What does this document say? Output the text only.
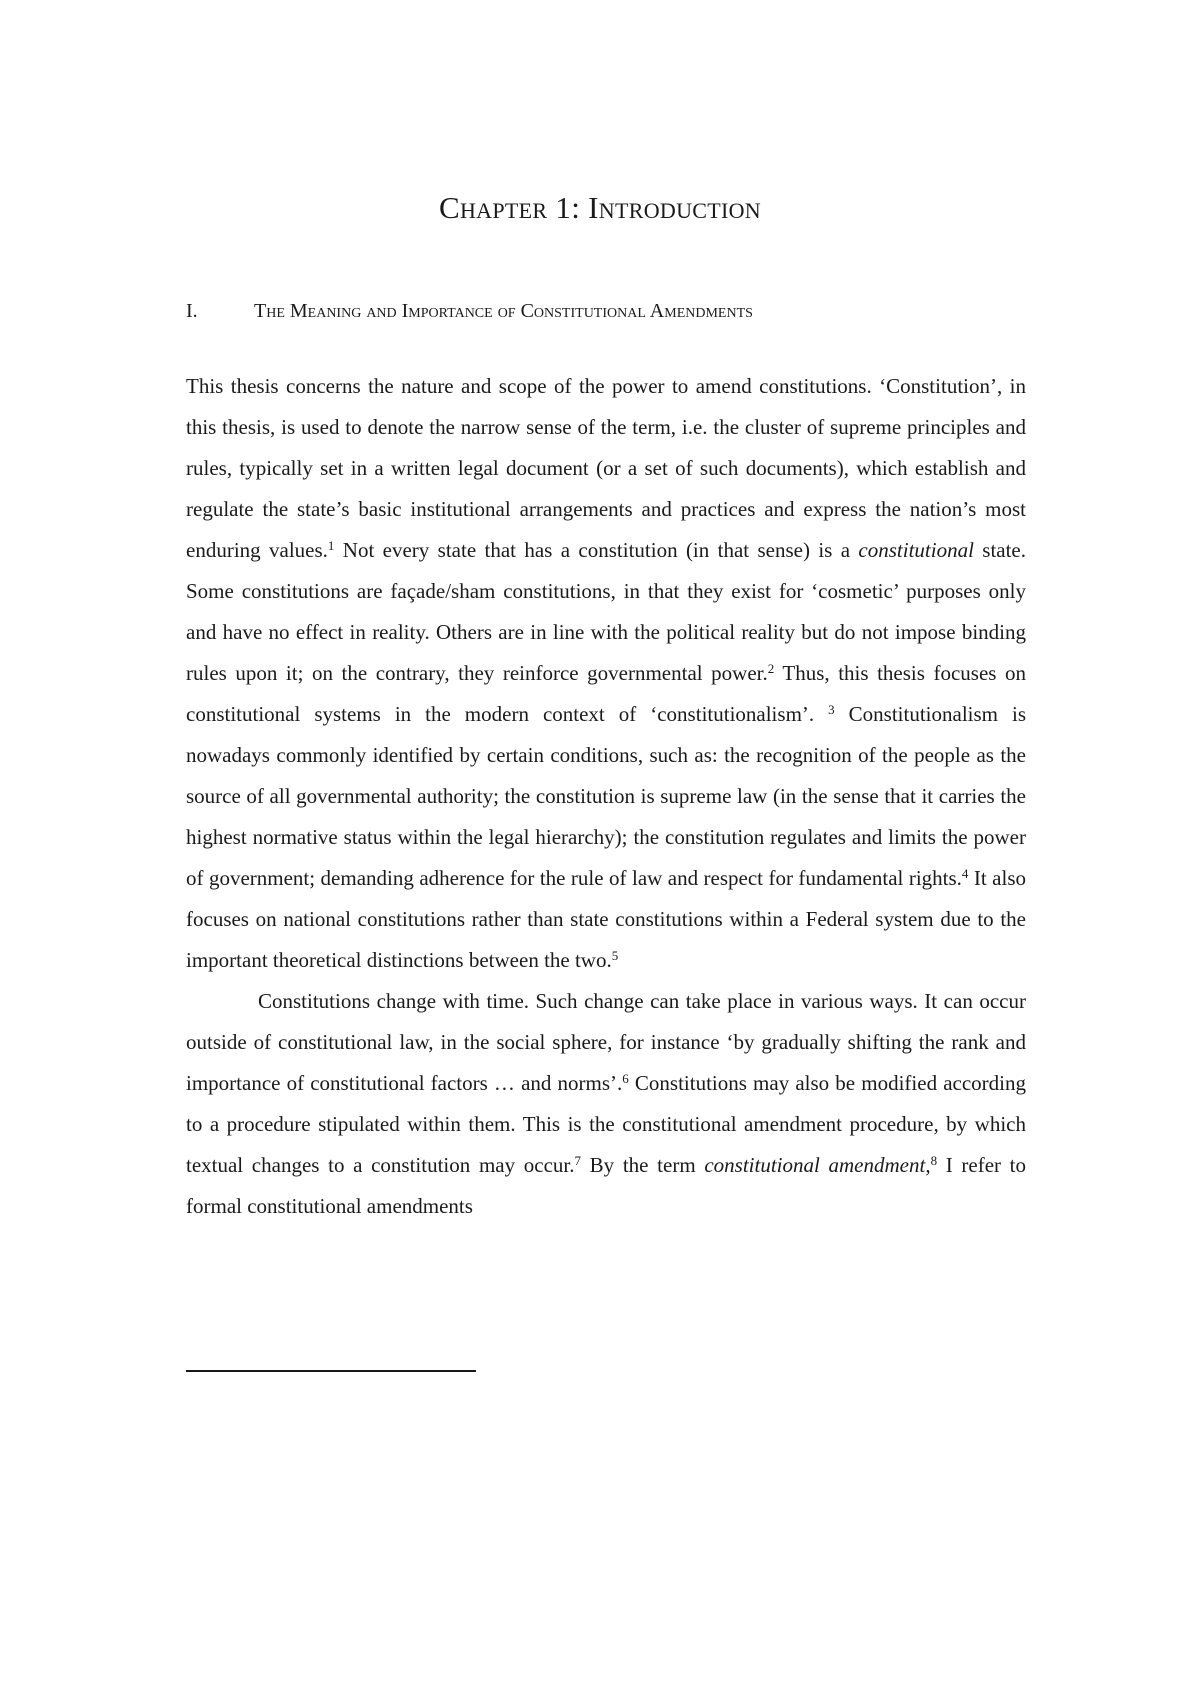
Chapter 1: Introduction
I.	The Meaning and Importance of Constitutional Amendments

This thesis concerns the nature and scope of the power to amend constitutions. ‘Constitution’, in this thesis, is used to denote the narrow sense of the term, i.e. the cluster of supreme principles and rules, typically set in a written legal document (or a set of such documents), which establish and regulate the state’s basic institutional arrangements and practices and express the nation’s most enduring values.$^1$ Not every state that has a constitution (in that sense) is a constitutional state. Some constitutions are façade/sham constitutions, in that they exist for ‘cosmetic’ purposes only and have no effect in reality. Others are in line with the political reality but do not impose binding rules upon it; on the contrary, they reinforce governmental power.$^2$ Thus, this thesis focuses on constitutional systems in the modern context of ‘constitutionalism’. $^3$ Constitutionalism is nowadays commonly identified by certain conditions, such as: the recognition of the people as the source of all governmental authority; the constitution is supreme law (in the sense that it carries the highest normative status within the legal hierarchy); the constitution regulates and limits the power of government; demanding adherence for the rule of law and respect for fundamental rights.$^4$ It also focuses on national constitutions rather than state constitutions within a Federal system due to the important theoretical distinctions between the two.$^5$

Constitutions change with time. Such change can take place in various ways. It can occur outside of constitutional law, in the social sphere, for instance ‘by gradually shifting the rank and importance of constitutional factors … and norms’.$^6$ Constitutions may also be modified according to a procedure stipulated within them. This is the constitutional amendment procedure, by which textual changes to a constitution may occur.$^7$ By the term constitutional amendment,$^8$ I refer to formal constitutional amendments
